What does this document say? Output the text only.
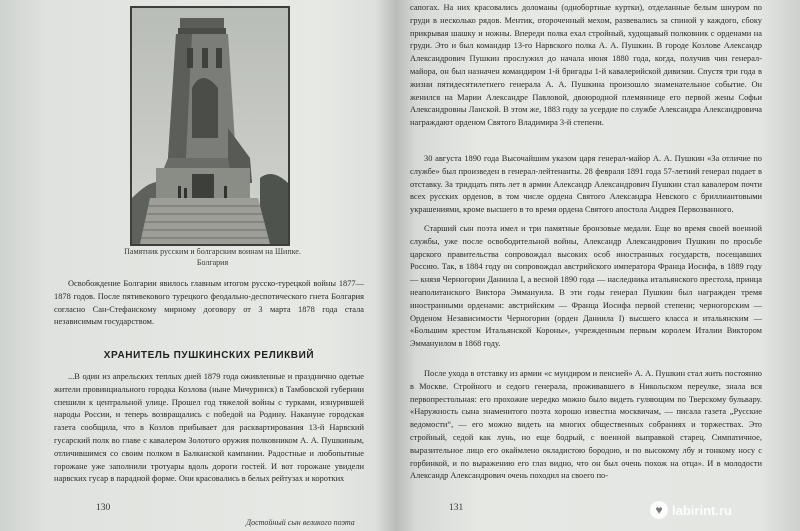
Памятник русским и болгарским воинам на Шипке. Болгария
Освобождение Болгарии явилось главным итогом русско-турецкой войны 1877—1878 годов. После пятивекового турецкого феодально-деспотического гнета Болгария согласно Сан-Стефанскому мирному договору от 3 марта 1878 года стала независимым государством.
ХРАНИТЕЛЬ ПУШКИНСКИХ РЕЛИКВИЙ
...В один из апрельских теплых дней 1879 года оживленные и празднично одетые жители провинциального городка Козлова (ныне Мичуринск) в Тамбовской губернии спешили к центральной улице. Прошел год тяжелой войны с турками, изнурившей народы России, и теперь возвращались с победой на Родину. Накануне городская газета сообщила, что в Козлов прибывает для расквартирования 13-й Нарвский гусарский полк во главе с кавалером Золотого оружия полковником А. А. Пушкиным, отличившимся со своим полком в Балканской кампании. Радостные и любопытные горожане уже заполнили тротуары вдоль дороги гостей. И вот горожане увидели нарвских гусар в парадной форме. Они красовались в белых рейтузах и коротких
130
Достойный сын великого поэта
сапогах. На них красовались доломаны (однобортные куртки), отделанные белым шнуром по груди в несколько рядов. Ментик, отороченный мехом, развевались за спиной у каждого, сбоку прикрывая шашку и ножны. Впереди полка ехал стройный, худощавый полковник с орденами на груди. Это и был командир 13-го Нарвского полка А. А. Пушкин. В городе Козлове Александр Александрович Пушкин прослужил до начала июня 1880 года, когда, получив чин генерал-майора, он был назначен командиром 1-й бригады 1-й кавалерийской дивизии. Спустя три года в жизни пятидесятилетнего генерала А. А. Пушкина произошло знаменательное событие. Он женился на Марии Александре Павловой, двоюродной племяннице его первой жены Софьи Александровны Ланской. В этом же, 1883 году за усердие по службе Александра Александровича награждают орденом Святого Владимира 3-й степени.
30 августа 1890 года Высочайшим указом царя генерал-майор А. А. Пушкин «За отличие по службе» был произведен в генерал-лейтенанты. 28 февраля 1891 года 57-летний генерал подает в отставку. За тридцать пять лет в армии Александр Александрович Пушкин стал кавалером почти всех русских орденов, в том числе ордена Святого Александра Невского с бриллиантовыми украшениями, кроме высшего в то время ордена Святого апостола Андрея Первозванного.
Старший сын поэта имел и три памятные бронзовые медали. Еще во время своей военной службы, уже после освободительной войны, Александр Александрович Пушкин по просьбе царского правительства сопровождал высоких особ иностранных государств, посещавших Россию. Так, в 1884 году он сопровождал австрийского императора Франца Иосифа, в 1889 году — князя Черногории Даниила I, а весной 1890 года — наследника итальянского престола, принца неаполитанского Виктора Эммануила. В эти годы генерал Пушкин был награжден тремя иностранными орденами: австрийским — Франца Иосифа первой степени; черногорским — Орденом Независимости Черногории (орден Даниила I) высшего класса и итальянским — «Большим крестом Итальянской Короны», учрежденным первым королем Италии Виктором Эммануилом в 1868 году.
После ухода в отставку из армии «с мундиром и пенсией» А. А. Пушкин стал жить постоянно в Москве. Стройного и седого генерала, проживавшего в Никольском переулке, знала вся первопрестольная: его прохожие нередко можно было видеть гуляющим по Тверскому бульвару. «Наружность сына знаменитого поэта хорошо известна москвичам, — писала газета „Русские ведомости“, — его можно видеть на многих общественных собраниях и торжествах. Это стройный, седой как лунь, но еще бодрый, с военной выправкой старец. Симпатичное, выразительное лицо его окаймлено окладистою бородою, и по высокому лбу и тонкому носу с горбинкой, и по выражению его глаз видно, что он был очень похож на отца». И в молодости Александр Александрович очень походил на своего по-
131	♥ labirint.ru
